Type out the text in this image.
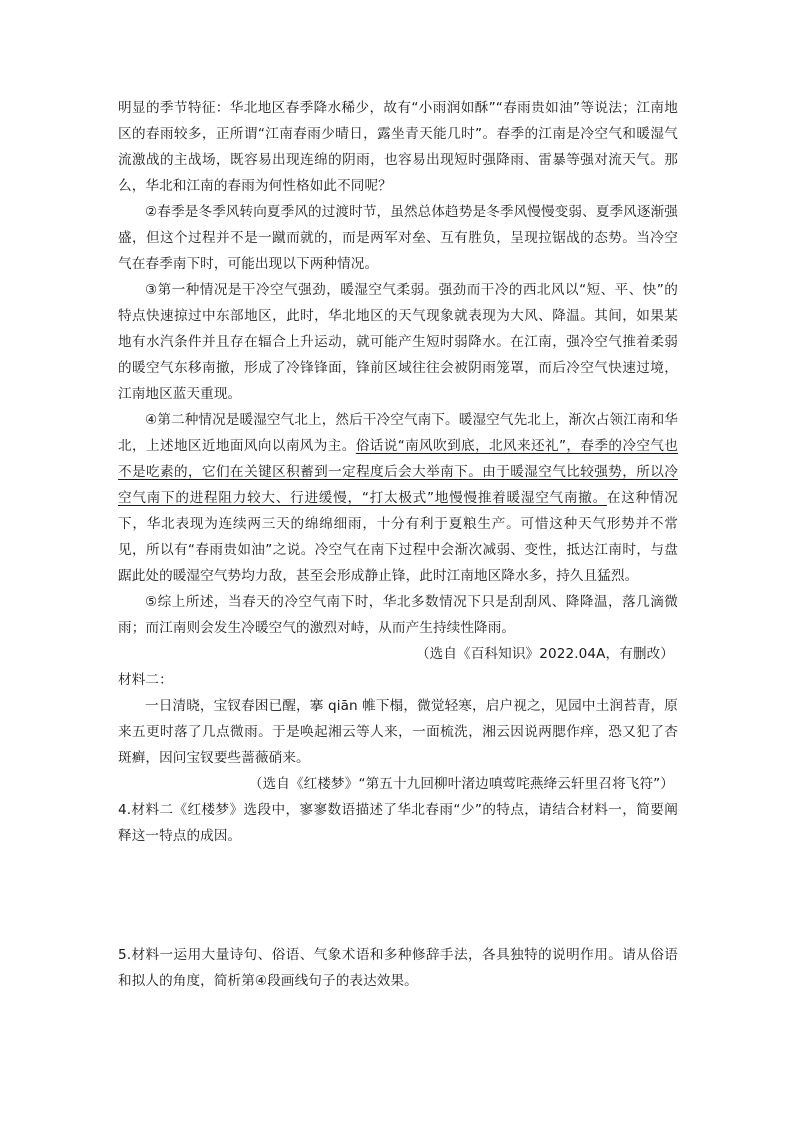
明显的季节特征：华北地区春季降水稀少，故有“小雨润如酥”“春雨贵如油”等说法；江南地区的春雨较多，正所谓“江南春雨少晴日，露坐青天能几时”。春季的江南是冷空气和暖湿气流激战的主战场，既容易出现连绵的阴雨，也容易出现短时强降雨、雷暴等强对流天气。那么，华北和江南的春雨为何性格如此不同呢？

②春季是冬季风转向夏季风的过渡时节，虽然总体趋势是冬季风慢慢变弱、夏季风逐渐强盛，但这个过程并不是一蹴而就的，而是两军对垒、互有胜负，呈现拉锯战的态势。当冷空气在春季南下时，可能出现以下两种情况。

③第一种情况是干冷空气强劲，暖湿空气柔弱。强劲而干冷的西北风以“短、平、快”的特点快速掠过中东部地区，此时，华北地区的天气现象就表现为大风、降温。其间，如果某地有水汽条件并且存在辐合上升运动，就可能产生短时弱降水。在江南，强冷空气推着柔弱的暖空气东移南撤，形成了冷锋锋面，锋前区域往往会被阴雨笼罩，而后冷空气快速过境，江南地区蓝天重现。

④第二种情况是暖湿空气北上，然后干冷空气南下。暖湿空气先北上，渐次占领江南和华北，上述地区近地面风向以南风为主。俗话说“南风吹到底，北风来还礼”，春季的冷空气也不是吃素的，它们在关键区积蓄到一定程度后会大举南下。由于暖湿空气比较强势，所以冷空气南下的进程阻力较大、行进缓慢，“打太极式”地慢慢推着暖湿空气南撤。在这种情况下，华北表现为连续两三天的绵绵细雨，十分有利于夏粮生产。可惜这种天气形势并不常见，所以有“春雨贵如油”之说。冷空气在南下过程中会渐次减弱、变性，抵达江南时，与盘踞此处的暖湿空气势均力敌，甚至会形成静止锋，此时江南地区降水多，持久且猛烈。

⑤综上所述，当春天的冷空气南下时，华北多数情况下只是刮刮风、降降温，落几滴微雨；而江南则会发生冷暖空气的激烈对峙，从而产生持续性降雨。

（选自《百科知识》2022.04A，有删改）

材料二：

一日清晓，宝钗春困已醒，搴 qiān 帷下榻，微觉轻寒，启户视之，见园中土润苔青，原来五更时落了几点微雨。于是唤起湘云等人来，一面梳洗，湘云因说两腮作痒，恐又犯了杏斑癣，因问宝钗要些蔷薇硝来。

（选自《红楼梦》“第五十九回柳叶渚边嗔莺咤燕绛云轩里召将飞符”）

4.材料二《红楼梦》选段中，寥寥数语描述了华北春雨“少”的特点，请结合材料一，简要阐释这一特点的成因。

5.材料一运用大量诗句、俗语、气象术语和多种修辞手法，各具独特的说明作用。请从俗语和拟人的角度，简析第④段画线句子的表达效果。
